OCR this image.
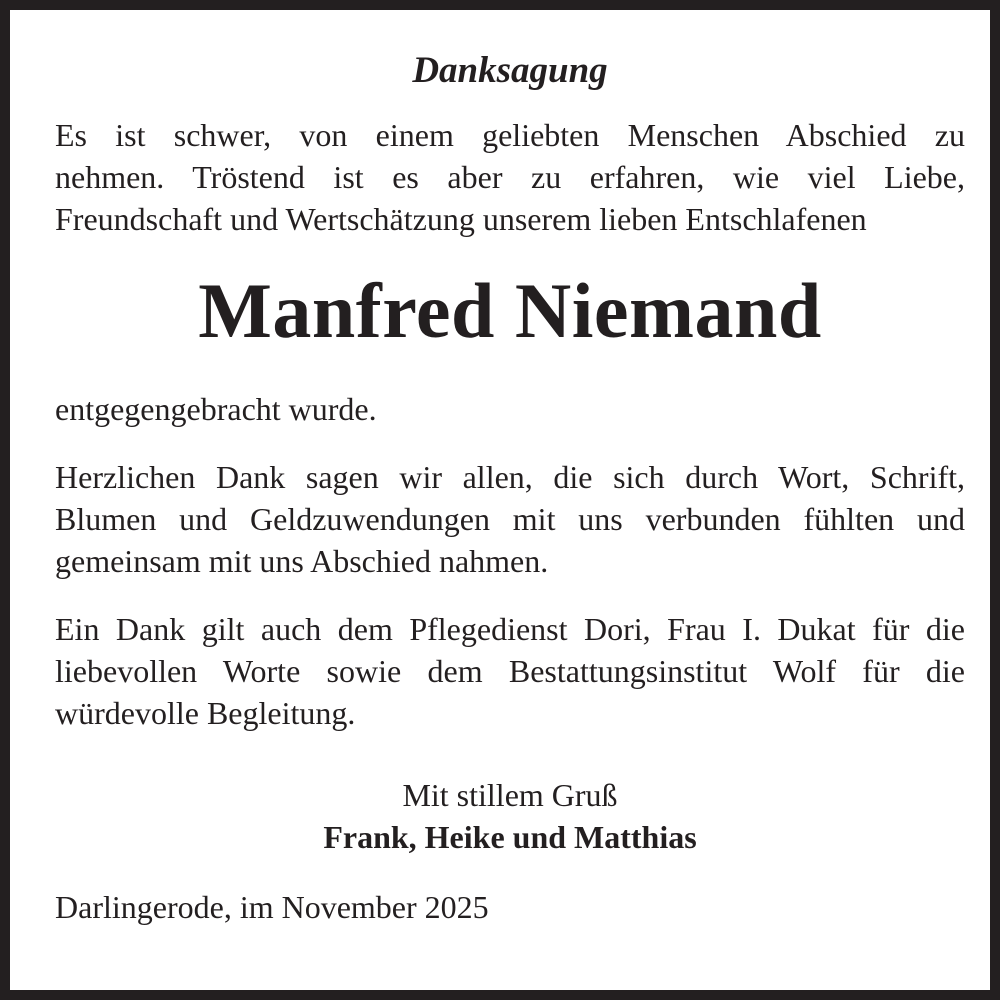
Danksagung

Es ist schwer, von einem geliebten Menschen Abschied zu
nehmen. Tröstend ist es aber zu erfahren, wie viel Liebe,
Freundschaft und Wertschätzung unserem lieben Entschlafenen

Manfred Niemand

entgegengebracht wurde.

Herzlichen Dank sagen wir allen, die sich durch Wort, Schrift,
Blumen und Geldzuwendungen mit uns verbunden fühlten und
gemeinsam mit uns Abschied nahmen.

Ein Dank gilt auch dem Pflegedienst Dori, Frau I. Dukat für die
liebevollen Worte sowie dem Bestattungsinstitut Wolf für die
würdevolle Begleitung.

Mit stillem Gruß

Frank, Heike und Matthias

Darlingerode, im November 2025
